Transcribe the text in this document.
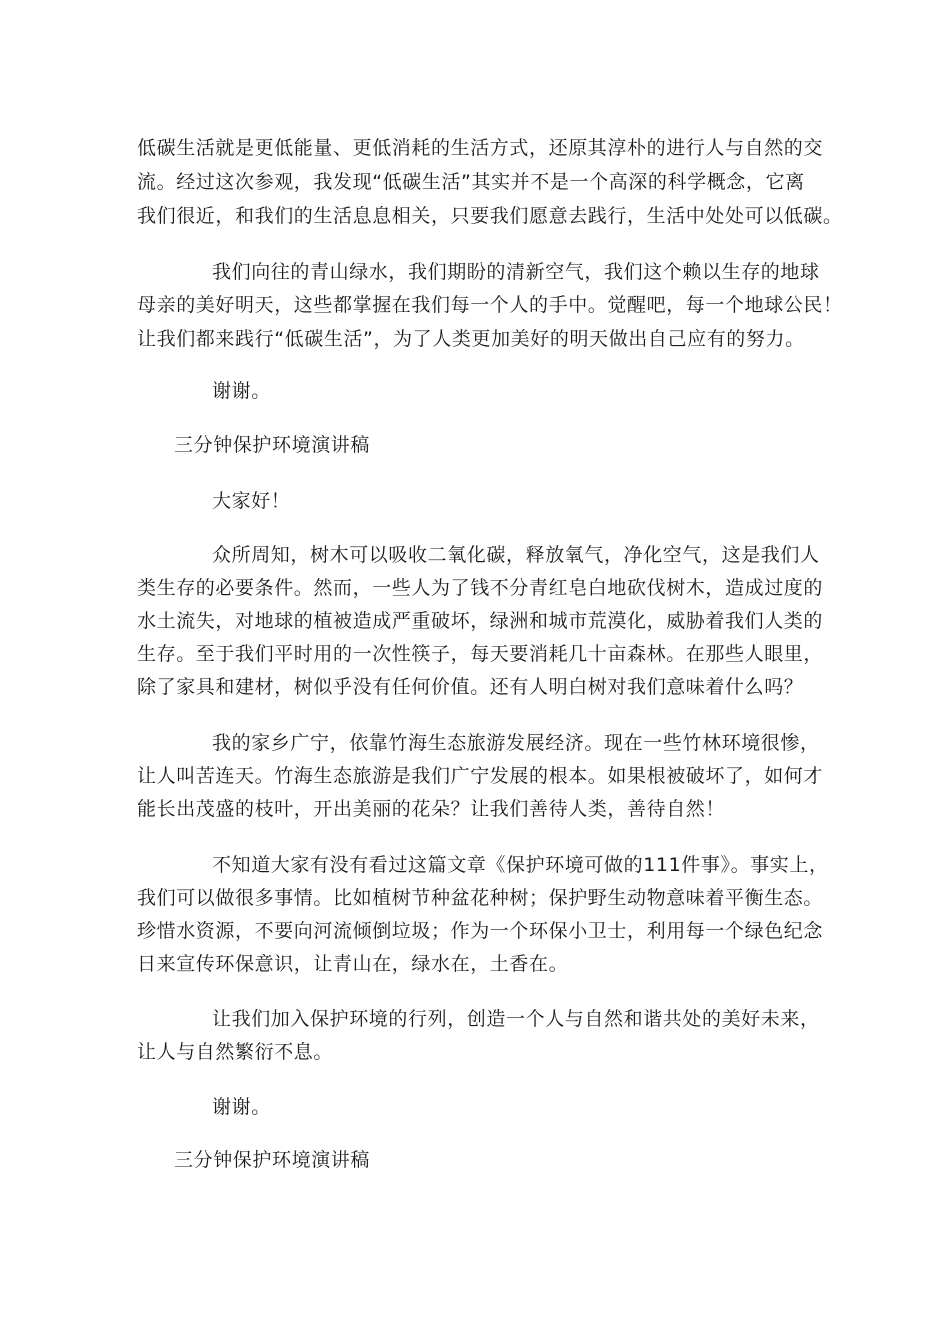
低碳生活就是更低能量、更低消耗的生活方式，还原其淳朴的进行人与自然的交
流。经过这次参观，我发现“低碳生活”其实并不是一个高深的科学概念，它离
我们很近，和我们的生活息息相关，只要我们愿意去践行，生活中处处可以低碳。
我们向往的青山绿水，我们期盼的清新空气，我们这个赖以生存的地球
母亲的美好明天，这些都掌握在我们每一个人的手中。觉醒吧，每一个地球公民！
让我们都来践行“低碳生活”，为了人类更加美好的明天做出自己应有的努力。
谢谢。
三分钟保护环境演讲稿
大家好！
众所周知，树木可以吸收二氧化碳，释放氧气，净化空气，这是我们人
类生存的必要条件。然而，一些人为了钱不分青红皂白地砍伐树木，造成过度的
水土流失，对地球的植被造成严重破坏，绿洲和城市荒漠化，威胁着我们人类的
生存。至于我们平时用的一次性筷子，每天要消耗几十亩森林。在那些人眼里，
除了家具和建材，树似乎没有任何价值。还有人明白树对我们意味着什么吗？
我的家乡广宁，依靠竹海生态旅游发展经济。现在一些竹林环境很惨，
让人叫苦连天。竹海生态旅游是我们广宁发展的根本。如果根被破坏了，如何才
能长出茂盛的枝叶，开出美丽的花朵？让我们善待人类，善待自然！
不知道大家有没有看过这篇文章《保护环境可做的111件事》。事实上，
我们可以做很多事情。比如植树节种盆花种树；保护野生动物意味着平衡生态。
珍惜水资源，不要向河流倾倒垃圾；作为一个环保小卫士，利用每一个绿色纪念
日来宣传环保意识，让青山在，绿水在，土香在。
让我们加入保护环境的行列，创造一个人与自然和谐共处的美好未来，
让人与自然繁衍不息。
谢谢。
三分钟保护环境演讲稿
